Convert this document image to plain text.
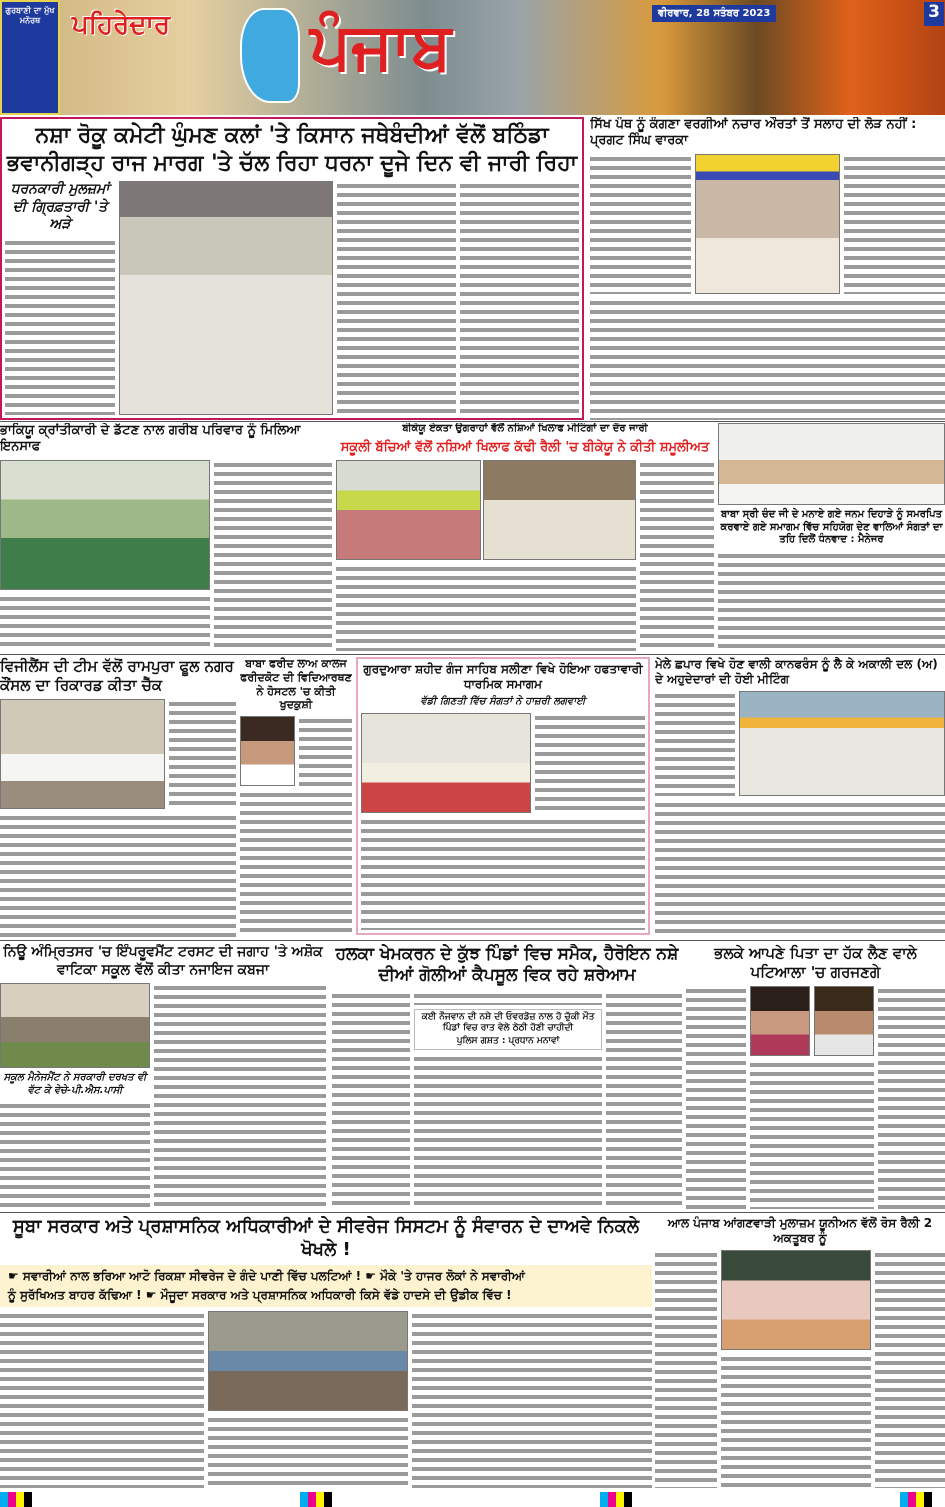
ਗੁਰਬਾਣੀ ਦਾ ਮੁੱਖ ਮਨੋਰਥ	ਪਹਿਰੇਦਾਰ ਪੰਜਾਬ	ਵੀਰਵਾਰ, 28 ਸਤੰਬਰ 2023	3
ਨਸ਼ਾ ਰੋਕੂ ਕਮੇਟੀ ਘੁੰਮਣ ਕਲਾਂ 'ਤੇ ਕਿਸਾਨ ਜਥੇਬੰਦੀਆਂ ਵੱਲੋਂ ਬਠਿੰਡਾ ਭਵਾਨੀਗੜ੍ਹ ਰਾਜ ਮਾਰਗ 'ਤੇ ਚੱਲ ਰਿਹਾ ਧਰਨਾ ਦੂਜੇ ਦਿਨ ਵੀ ਜਾਰੀ ਰਿਹਾ
ਧਰਨਕਾਰੀ ਮੁਲਜ਼ਮਾਂ ਦੀ ਗ੍ਰਿਫ਼ਤਾਰੀ 'ਤੇ ਅੜੇ
ਸਿੱਖ ਪੰਥ ਨੂੰ ਕੰਗਣਾ ਵਰਗੀਆਂ ਨਚਾਰ ਔਰਤਾਂ ਤੋਂ ਸਲਾਹ ਦੀ ਲੋੜ ਨਹੀਂ : ਪ੍ਰਗਟ ਸਿੰਘ ਵਾਰਕਾ
ਭਾਕਿਯੂ ਕ੍ਰਾਂਤੀਕਾਰੀ ਦੇ ਡੱਟਣ ਨਾਲ ਗਰੀਬ ਪਰਿਵਾਰ ਨੂੰ ਮਿਲਿਆ ਇਨਸਾਫ
ਬੀਕੇਯੂ ਏਕਤਾ ਉਗਰਾਹਾਂ ਵੱਲੋਂ ਨਸ਼ਿਆਂ ਖਿਲਾਫ ਮੀਟਿੰਗਾਂ ਦਾ ਦੌਰ ਜਾਰੀ
ਸਕੂਲੀ ਬੱਚਿਆਂ ਵੱਲੋਂ ਨਸ਼ਿਆਂ ਖਿਲਾਫ ਕੱਢੀ ਰੈਲੀ 'ਚ ਬੀਕੇਯੂ ਨੇ ਕੀਤੀ ਸ਼ਮੂਲੀਅਤ
ਬਾਬਾ ਸ੍ਰੀ ਚੰਦ ਜੀ ਦੇ ਮਨਾਏ ਗਏ ਜਨਮ ਦਿਹਾੜੇ ਨੂੰ ਸਮਰਪਿਤ ਕਰਵਾਏ ਗਏ ਸਮਾਗਮ ਵਿੱਚ ਸਹਿਯੋਗ ਦੇਣ ਵਾਲਿਆਂ ਸੰਗਤਾਂ ਦਾ ਤਹਿ ਦਿਲੋਂ ਧੰਨਵਾਦ : ਮੈਨੇਜਰ
ਵਿਜੀਲੈਂਸ ਦੀ ਟੀਮ ਵੱਲੋਂ ਰਾਮਪੁਰਾ ਫੂਲ ਨਗਰ ਕੌਂਸਲ ਦਾ ਰਿਕਾਰਡ ਕੀਤਾ ਚੈੱਕ
ਬਾਬਾ ਫਰੀਦ ਲਾਅ ਕਾਲਜ ਫਰੀਦਕੋਟ ਦੀ ਵਿਦਿਆਰਥਣ ਨੇ ਹੋਸਟਲ 'ਚ ਕੀਤੀ ਖੁਦਕੁਸ਼ੀ
ਗੁਰਦੁਆਰਾ ਸ਼ਹੀਦ ਗੰਜ ਸਾਹਿਬ ਸਲੀਣਾ ਵਿਖੇ ਹੋਇਆ ਹਫਤਾਵਾਰੀ ਧਾਰਮਿਕ ਸਮਾਗਮ
ਵੱਡੀ ਗਿਣਤੀ ਵਿੱਚ ਸੰਗਤਾਂ ਨੇ ਹਾਜ਼ਰੀ ਲਗਵਾਈ
ਮੇਲੇ ਛਪਾਰ ਵਿਖੇ ਹੋਣ ਵਾਲੀ ਕਾਨਫਰੰਸ ਨੂੰ ਲੈ ਕੇ ਅਕਾਲੀ ਦਲ (ਅ) ਦੇ ਅਹੁਦੇਦਾਰਾਂ ਦੀ ਹੋਈ ਮੀਟਿੰਗ
ਨਿਊ ਅੰਮ੍ਰਿਤਸਰ 'ਚ ਇੰਪਰੂਵਮੈਂਟ ਟਰਸਟ ਦੀ ਜਗਾਹ 'ਤੇ ਅਸ਼ੋਕ ਵਾਟਿਕਾ ਸਕੂਲ ਵੱਲੋਂ ਕੀਤਾ ਨਜਾਇਜ ਕਬਜਾ
ਸਕੂਲ ਮੈਨੇਜਮੈਂਟ ਨੇ ਸਰਕਾਰੀ ਦਰਖਤ ਵੀ ਵੱਟ ਕੇ ਵੇਚੇ-ਪੀ.ਐਸ.ਪਾਸੀ
ਹਲਕਾ ਖੇਮਕਰਨ ਦੇ ਕੁੱਝ ਪਿੰਡਾਂ ਵਿਚ ਸਮੈਕ, ਹੈਰੋਇਨ ਨਸ਼ੇ ਦੀਆਂ ਗੋਲੀਆਂ ਕੈਪਸੂਲ ਵਿਕ ਰਹੇ ਸ਼ਰੇਆਮ
ਕਈ ਨੌਜਵਾਨ ਦੀ ਨਸ਼ੇ ਦੀ ਓਵਰਡੋਜ਼ ਨਾਲ ਹੋ ਚੁੱਕੀ ਮੌਤ ਪਿੰਡਾਂ ਵਿਚ ਰਾਤ ਵੇਲੇ ਠੇਠੀ ਹੋਣੀ ਚਾਹੀਦੀ
ਪੁਲਿਸ ਗਸ਼ਤ : ਪ੍ਰਧਾਨ ਮਨਾਵਾਂ
ਭਲਕੇ ਆਪਣੇ ਪਿਤਾ ਦਾ ਹੱਕ ਲੈਣ ਵਾਲੇ ਪਟਿਆਲਾ 'ਚ ਗਰਜਣਗੇ
ਸੂਬਾ ਸਰਕਾਰ ਅਤੇ ਪ੍ਰਸ਼ਾਸਨਿਕ ਅਧਿਕਾਰੀਆਂ ਦੇ ਸੀਵਰੇਜ ਸਿਸਟਮ ਨੂੰ ਸੰਵਾਰਨ ਦੇ ਦਾਅਵੇ ਨਿਕਲੇ ਖੋਖਲੇ !
☛ ਸਵਾਰੀਆਂ ਨਾਲ ਭਰਿਆ ਆਟੋ ਰਿਕਸ਼ਾ ਸੀਵਰੇਜ ਦੇ ਗੰਦੇ ਪਾਣੀ ਵਿੱਚ ਪਲਟਿਆਂ ! ☛ ਮੌਕੇ 'ਤੇ ਹਾਜਰ ਲੋਕਾਂ ਨੇ ਸਵਾਰੀਆਂ
ਨੂੰ ਸੁਰੱਖਿਅਤ ਬਾਹਰ ਕੱਢਿਆ ! ☛ ਮੌਜੂਦਾ ਸਰਕਾਰ ਅਤੇ ਪ੍ਰਸ਼ਾਸਨਿਕ ਅਧਿਕਾਰੀ ਕਿਸੇ ਵੱਡੇ ਹਾਦਸੇ ਦੀ ਉਡੀਕ ਵਿੱਚ !
ਆਲ ਪੰਜਾਬ ਆਂਗਣਵਾੜੀ ਮੁਲਾਜ਼ਮ ਯੂਨੀਅਨ ਵੱਲੋਂ ਰੋਸ ਰੈਲੀ 2 ਅਕਤੂਬਰ ਨੂੰ
